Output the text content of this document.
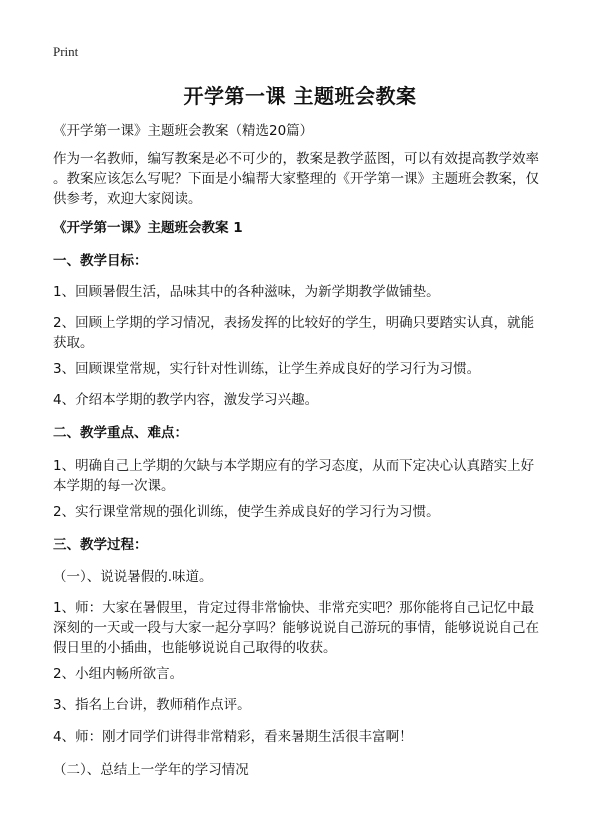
Print
开学第一课 主题班会教案
《开学第一课》主题班会教案（精选20篇）
作为一名教师，编写教案是必不可少的，教案是教学蓝图，可以有效提高教学效率
。教案应该怎么写呢？下面是小编帮大家整理的《开学第一课》主题班会教案，仅
供参考，欢迎大家阅读。
《开学第一课》主题班会教案 1
一、教学目标：
1、回顾暑假生活，品味其中的各种滋味，为新学期教学做铺垫。
2、回顾上学期的学习情况，表扬发挥的比较好的学生，明确只要踏实认真，就能
获取。
3、回顾课堂常规，实行针对性训练，让学生养成良好的学习行为习惯。
4、介绍本学期的教学内容，激发学习兴趣。
二、教学重点、难点：
1、明确自己上学期的欠缺与本学期应有的学习态度，从而下定决心认真踏实上好
本学期的每一次课。
2、实行课堂常规的强化训练，使学生养成良好的学习行为习惯。
三、教学过程：
（一）、说说暑假的.味道。
1、师：大家在暑假里，肯定过得非常愉快、非常充实吧？那你能将自己记忆中最
深刻的一天或一段与大家一起分享吗？能够说说自己游玩的事情，能够说说自己在
假日里的小插曲，也能够说说自己取得的收获。
2、小组内畅所欲言。
3、指名上台讲，教师稍作点评。
4、师：刚才同学们讲得非常精彩，看来暑期生活很丰富啊！
（二）、总结上一学年的学习情况
